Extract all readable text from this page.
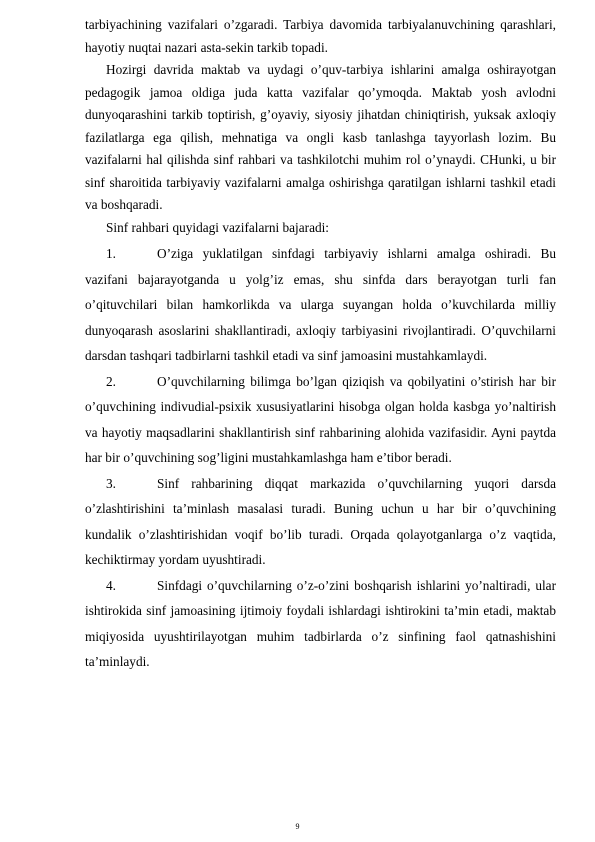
tarbiyachining vazifalari o’zgaradi. Tarbiya davomida tarbiyalanuvchining qarashlari, hayotiy nuqtai nazari asta-sekin tarkib topadi.

Hozirgi davrida maktab va uydagi o’quv-tarbiya ishlarini amalga oshirayotgan pedagogik jamoa oldiga juda katta vazifalar qo’ymoqda. Maktab yosh avlodni dunyoqarashini tarkib toptirish, g’oyaviy, siyosiy jihatdan chiniqtirish, yuksak axloqiy fazilatlarga ega qilish, mehnatiga va ongli kasb tanlashga tayyorlash lozim. Bu vazifalarni hal qilishda sinf rahbari va tashkilotchi muhim rol o’ynaydi. CHunki, u bir sinf sharoitida tarbiyaviy vazifalarni amalga oshirishga qaratilgan ishlarni tashkil etadi va boshqaradi.

Sinf rahbari quyidagi vazifalarni bajaradi:

1.	O’ziga yuklatilgan sinfdagi tarbiyaviy ishlarni amalga oshiradi. Bu vazifani bajarayotganda u yolg’iz emas, shu sinfda dars berayotgan turli fan o’qituvchilari bilan hamkorlikda va ularga suyangan holda o’kuvchilarda milliy dunyoqarash asoslarini shakllantiradi, axloqiy tarbiyasini rivojlantiradi. O’quvchilarni darsdan tashqari tadbirlarni tashkil etadi va sinf jamoasini mustahkamlaydi.

2.	O’quvchilarning bilimga bo’lgan qiziqish va qobilyatini o’stirish har bir o’quvchining indivudial-psixik xususiyatlarini hisobga olgan holda kasbga yo’naltirish va hayotiy maqsadlarini shakllantirish sinf rahbarining alohida vazifasidir. Ayni paytda har bir o’quvchining sog’ligini mustahkamlashga ham e’tibor beradi.

3.	Sinf rahbarining diqqat markazida o’quvchilarning yuqori darsda o’zlashtirishini ta’minlash masalasi turadi. Buning uchun u har bir o’quvchining kundalik o’zlashtirishidan voqif bo’lib turadi. Orqada qolayotganlarga o’z vaqtida, kechiktirmay yordam uyushtiradi.

4.	Sinfdagi o’quvchilarning o’z-o’zini boshqarish ishlarini yo’naltiradi, ular ishtirokida sinf jamoasining ijtimoiy foydali ishlardagi ishtirokini ta’min etadi, maktab miqiyosida uyushtirilayotgan muhim tadbirlarda o’z sinfining faol qatnashishini ta’minlaydi.

9
